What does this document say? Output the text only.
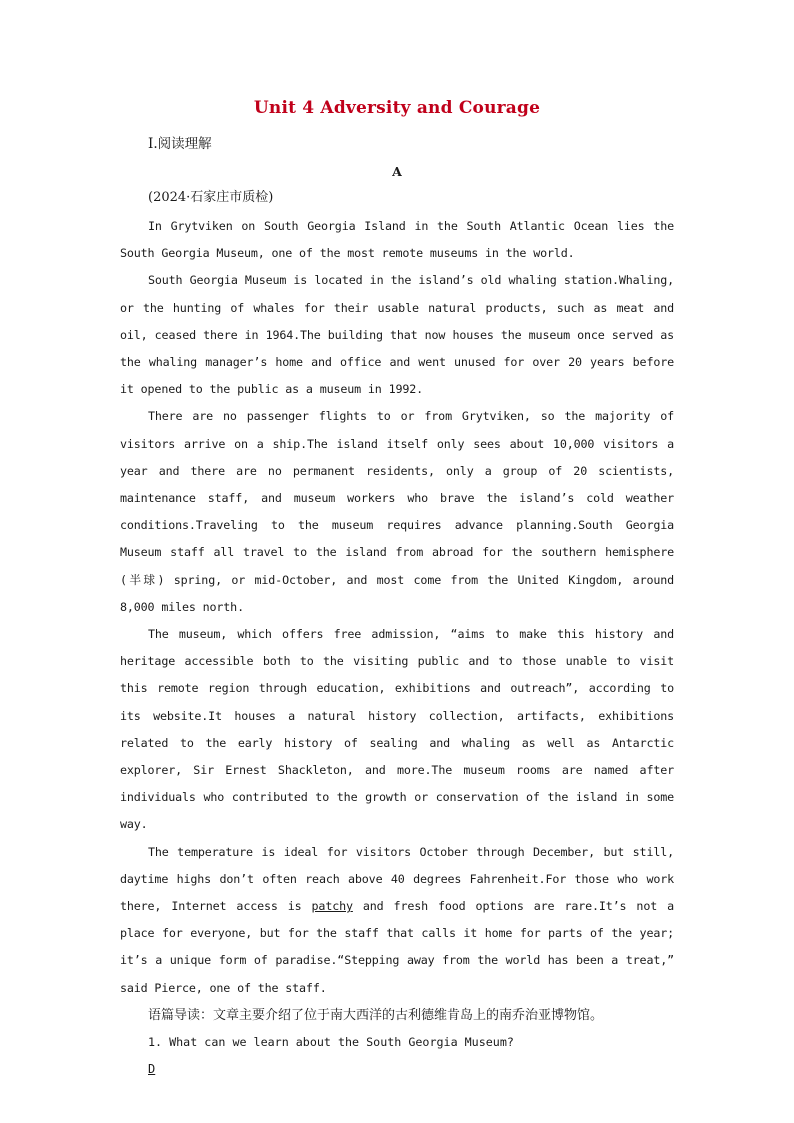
Unit 4 Adversity and Courage
Ⅰ.阅读理解
A
(2024·石家庄市质检)

In Grytviken on South Georgia Island in the South Atlantic Ocean lies the South Georgia Museum, one of the most remote museums in the world.

South Georgia Museum is located in the island’s old whaling station.Whaling, or the hunting of whales for their usable natural products, such as meat and oil, ceased there in 1964.The building that now houses the museum once served as the whaling manager’s home and office and went unused for over 20 years before it opened to the public as a museum in 1992.

There are no passenger flights to or from Grytviken, so the majority of visitors arrive on a ship.The island itself only sees about 10,000 visitors a year and there are no permanent residents, only a group of 20 scientists, maintenance staff, and museum workers who brave the island’s cold weather conditions.Traveling to the museum requires advance planning.South Georgia Museum staff all travel to the island from abroad for the southern hemisphere (半球) spring, or mid-October, and most come from the United Kingdom, around 8,000 miles north.

The museum, which offers free admission, “aims to make this history and heritage accessible both to the visiting public and to those unable to visit this remote region through education, exhibitions and outreach”, according to its website.It houses a natural history collection, artifacts, exhibitions related to the early history of sealing and whaling as well as Antarctic explorer, Sir Ernest Shackleton, and more.The museum rooms are named after individuals who contributed to the growth or conservation of the island in some way.

The temperature is ideal for visitors October through December, but still, daytime highs don’t often reach above 40 degrees Fahrenheit.For those who work there, Internet access is patchy and fresh food options are rare.It’s not a place for everyone, but for the staff that calls it home for parts of the year; it’s a unique form of paradise.“Stepping away from the world has been a treat,” said Pierce, one of the staff.

语篇导读：文章主要介绍了位于南大西洋的古利德维肯岛上的南乔治亚博物馆。
1. What can we learn about the South Georgia Museum?
D
